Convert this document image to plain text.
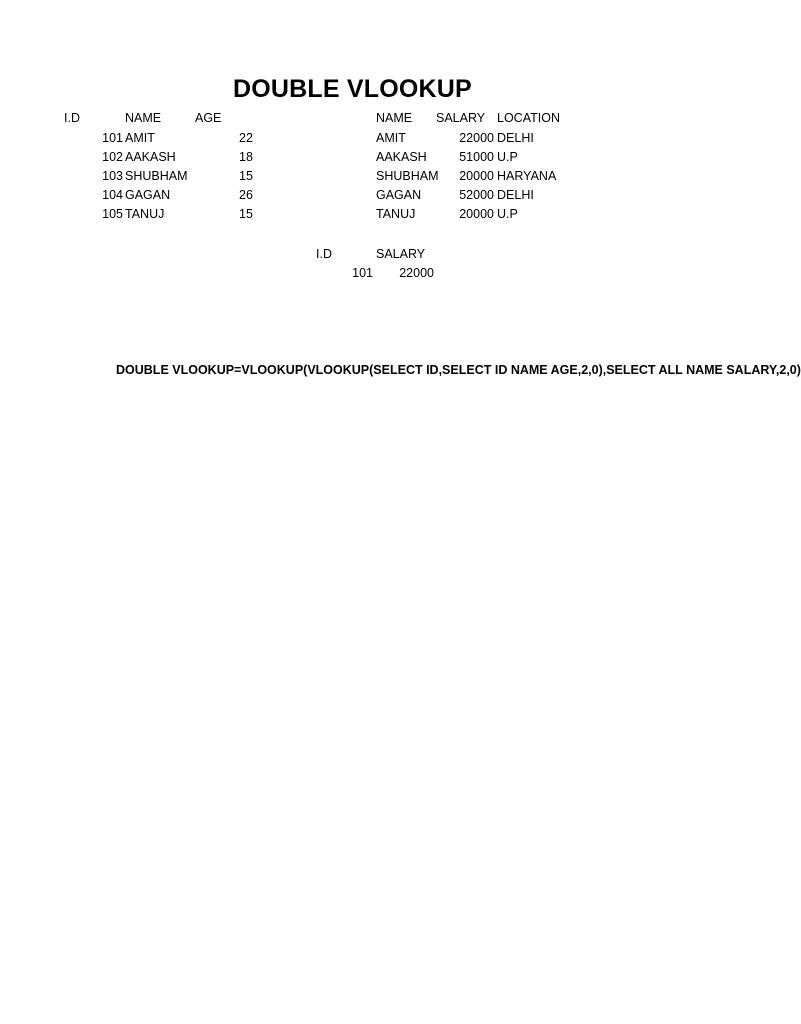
DOUBLE VLOOKUP
I.D	NAME	AGE
101 AMIT	22
102 AAKASH	18
103 SHUBHAM	15
104 GAGAN	26
105 TANUJ	15
NAME SALARY LOCATION
AMIT	22000 DELHI
AAKASH	51000 U.P
SHUBHAM	20000 HARYANA
GAGAN	52000 DELHI
TANUJ	20000 U.P
I.D	SALARY
101	22000
DOUBLE VLOOKUP=VLOOKUP(VLOOKUP(SELECT ID,SELECT ID NAME AGE,2,0),SELECT ALL NAME SALARY,2,0)
